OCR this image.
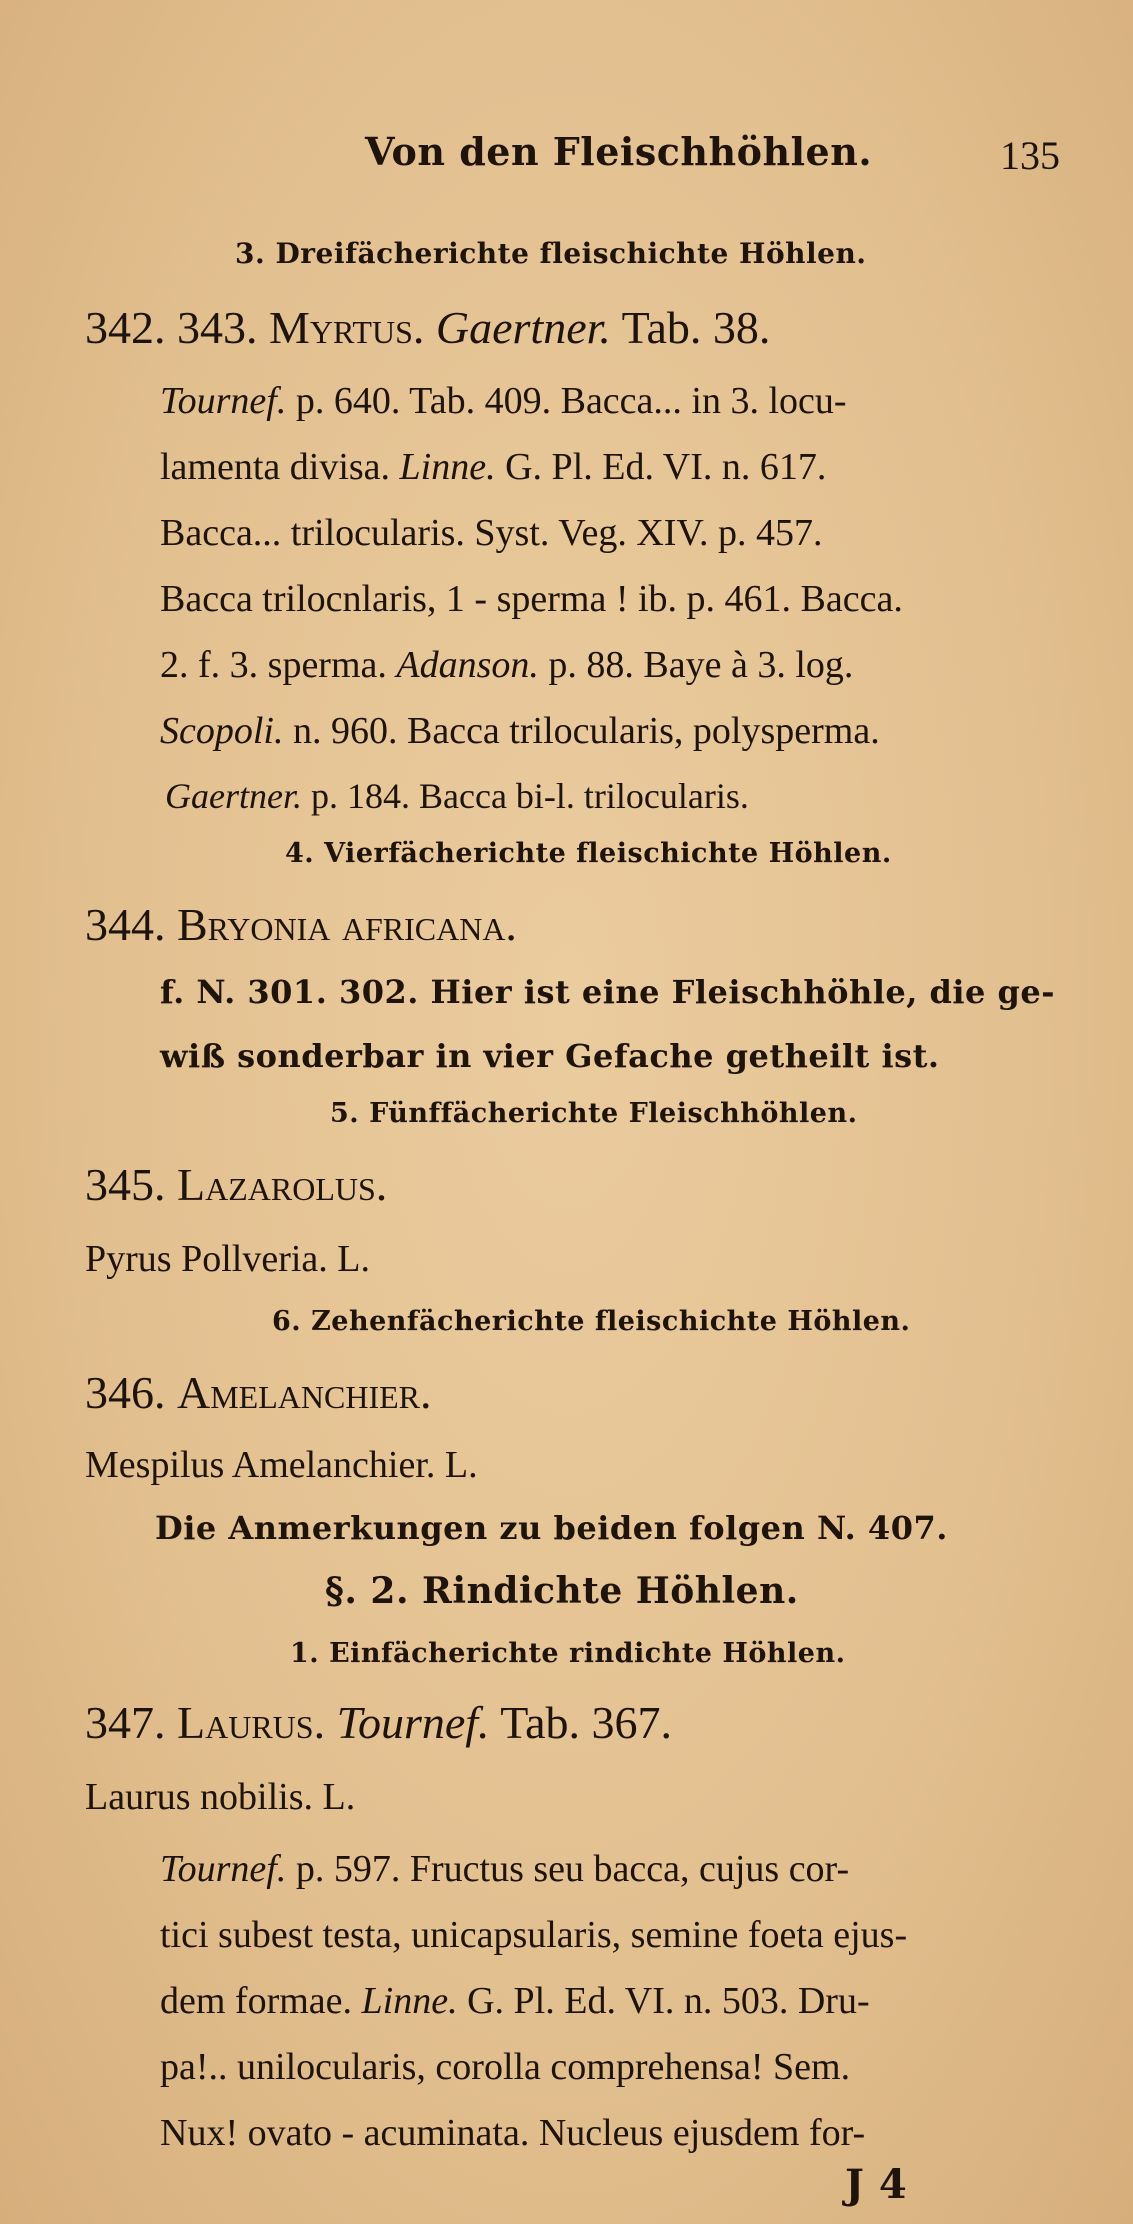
Von den Fleischhöhlen.	135
3. Dreifächerichte fleischichte Höhlen.
342. 343. Myrtus. Gaertner. Tab. 38.
Tournef. p. 640. Tab. 409. Bacca... in 3. locu-
lamenta divisa. Linne. G. Pl. Ed. VI. n. 617.
Bacca... trilocularis. Syst. Veg. XIV. p. 457.
Bacca trilocnlaris, 1 - sperma ! ib. p. 461. Bacca.
2. f. 3. sperma. Adanson. p. 88. Baye à 3. log.
Scopoli. n. 960. Bacca trilocularis, polysperma.
Gaertner. p. 184. Bacca bi-l. trilocularis.
4. Vierfächerichte fleischichte Höhlen.
344. Bryonia africana.
f. N. 301. 302. Hier ist eine Fleischhöhle, die ge-
wiß sonderbar in vier Gefache getheilt ist.
5. Fünffächerichte Fleischhöhlen.
345. Lazarolus.
Pyrus Pollveria. L.
6. Zehenfächerichte fleischichte Höhlen.
346. Amelanchier.
Mespilus Amelanchier. L.
Die Anmerkungen zu beiden folgen N. 407.
§. 2. Rindichte Höhlen.
1. Einfächerichte rindichte Höhlen.
347. Laurus. Tournef. Tab. 367.
Laurus nobilis. L.
Tournef. p. 597. Fructus seu bacca, cujus cor-
tici subest testa, unicapsularis, semine foeta ejus-
dem formae. Linne. G. Pl. Ed. VI. n. 503. Dru-
pa!.. unilocularis, corolla comprehensa! Sem.
Nux! ovato - acuminata. Nucleus ejusdem for-
J 4
